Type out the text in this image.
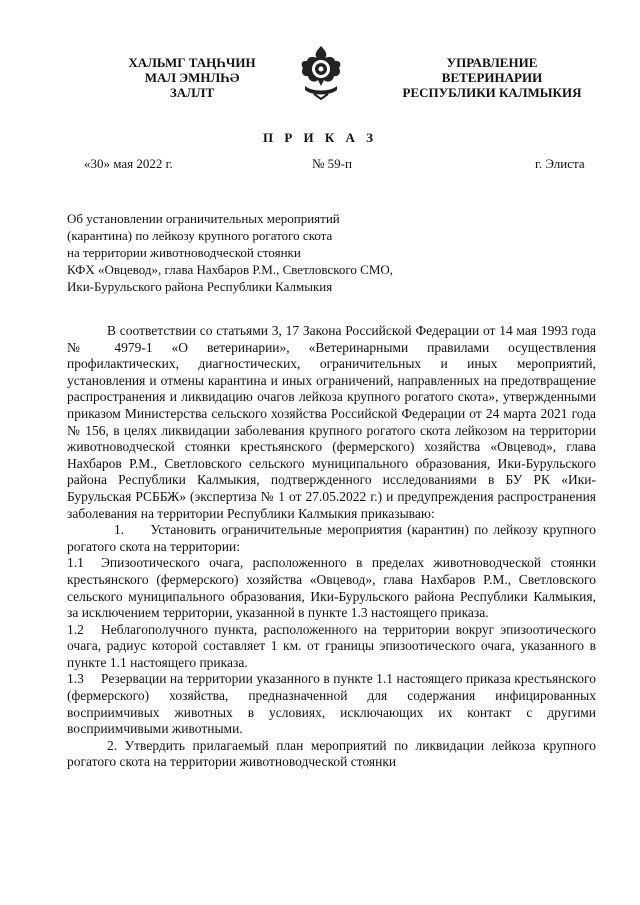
ХАЛЬМГ ТАҢҺЧИН
МАЛ ЭМНЛҺӘ
ЗАЛЛТ
УПРАВЛЕНИЕ
ВЕТЕРИНАРИИ
РЕСПУБЛИКИ КАЛМЫКИЯ
П Р И К А З
«30» мая 2022 г.	№ 59-п	г. Элиста
Об установлении ограничительных мероприятий
(карантина) по лейкозу крупного рогатого скота
на территории животноводческой стоянки
КФХ «Овцевод», глава Нахбаров Р.М., Светловского СМО,
Ики-Бурульского района Республики Калмыкия

В соответствии со статьями 3, 17 Закона Российской Федерации от 14 мая 1993 года № 4979-1 «О ветеринарии», «Ветеринарными правилами осуществления профилактических, диагностических, ограничительных и иных мероприятий, установления и отмены карантина и иных ограничений, направленных на предотвращение распространения и ликвидацию очагов лейкоза крупного рогатого скота», утвержденными приказом Министерства сельского хозяйства Российской Федерации от 24 марта 2021 года № 156, в целях ликвидации заболевания крупного рогатого скота лейкозом на территории животноводческой стоянки крестьянского (фермерского) хозяйства «Овцевод», глава Нахбаров Р.М., Светловского сельского муниципального образования, Ики-Бурульского района Республики Калмыкия, подтвержденного исследованиями в БУ РК «Ики-Бурульская РСББЖ» (экспертиза № 1 от 27.05.2022 г.) и предупреждения распространения заболевания на территории Республики Калмыкия приказываю:

1. Установить ограничительные мероприятия (карантин) по лейкозу крупного рогатого скота на территории:

1.1 Эпизоотического очага, расположенного в пределах животноводческой стоянки крестьянского (фермерского) хозяйства «Овцевод», глава Нахбаров Р.М., Светловского сельского муниципального образования, Ики-Бурульского района Республики Калмыкия, за исключением территории, указанной в пункте 1.3 настоящего приказа.

1.2 Неблагополучного пункта, расположенного на территории вокруг эпизоотического очага, радиус которой составляет 1 км. от границы эпизоотического очага, указанного в пункте 1.1 настоящего приказа.

1.3 Резервации на территории указанного в пункте 1.1 настоящего приказа крестьянского (фермерского) хозяйства, предназначенной для содержания инфицированных восприимчивых животных в условиях, исключающих их контакт с другими восприимчивыми животными.

2. Утвердить прилагаемый план мероприятий по ликвидации лейкоза крупного рогатого скота на территории животноводческой стоянки
